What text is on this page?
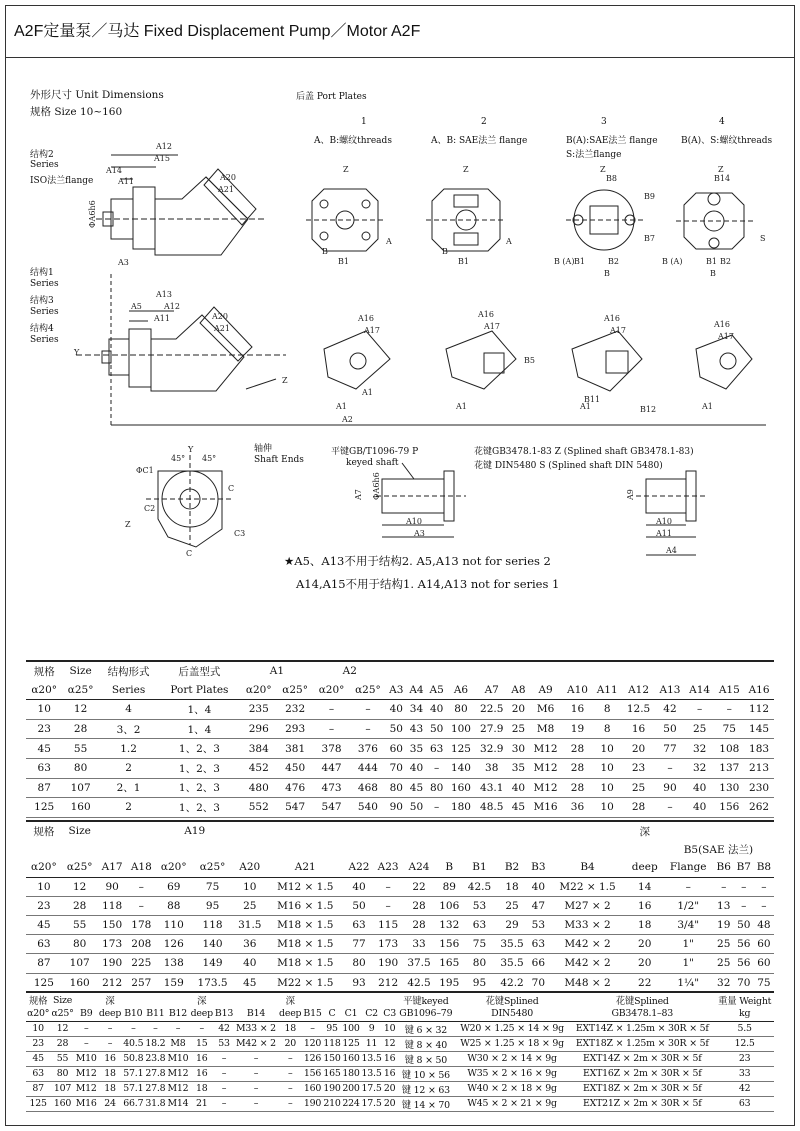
A2F定量泵／马达 Fixed Displacement Pump／Motor A2F
外形尺寸 Unit Dimensions
规格 Size 10~160
后盖 Port Plates
结构2
Series
ISO法兰flange
结构1
Series
结构3
Series
结构4
Series
1	2	3	4
A、B:螺纹threads	A、B: SAE法兰 flange	B(A):SAE法兰 flange
S:法兰flange
B(A)、S:螺纹threads
轴伸
Shaft Ends
平键GB/T1096-79 P
keyed shaft
花键GB3478.1-83 Z (Splined shaft GB3478.1-83)
花键 DIN5480 S (Splined shaft DIN 5480)
★A5、A13不用于结构2. A5,A13 not for series 2
A14,A15不用于结构1. A14,A13 not for series 1
A14
A11
A15
A12
A20
A21
ΦA6h6
A3
A5
A13
A12
A11	A20
A21
Y
Z
A2
A1
Z	Z	Z	Z
B1	B1	B1	B1
B	B
B (A)	B (A)
A	A	S
B2	B2
B	B
B8	B14
B9
B7
A16
A17
A16
A17
A16
A17
A16
A17
A1	A1	A1	A1
B5
B11
B12
Y
45° 45°
ΦC1
C2
C3
C
C
Z	A10
A3
A7 ΦA6h6
A10
A11
A4
A9
规格	Size	结构形式	后盖型式	A1		A2															
α20°	α25°	Series	Port Plates	α20°	α25°	α20°	α25°	A3	A4	A5	A6	A7	A8	A9	A10	A11	A12	A13	A14	A15	A16
10	12	4	1、4	235	232	–	–	40	34	40	80	22.5	20	M6	16	8	12.5	42	–	–	112
23	28	3、2	1、4	296	293	–	–	50	43	50	100	27.9	25	M8	19	8	16	50	25	75	145
45	55	1.2	1、2、3	384	381	378	376	60	35	63	125	32.9	30	M12	28	10	20	77	32	108	183
63	80	2	1、2、3	452	450	447	444	70	40	–	140	38	35	M12	28	10	23	–	32	137	213
87	107	2、1	1、2、3	480	476	473	468	80	45	80	160	43.1	40	M12	28	10	25	90	40	130	230
125	160	2	1、2、3	552	547	547	540	90	50	–	180	48.5	45	M16	36	10	28	–	40	156	262
规格	Size			A19												深				
																	B5(SAE 法兰)			
α20°	α25°	A17	A18	α20°	α25°	A20	A21	A22	A23	A24	B	B1	B2	B3	B4	deep	Flange	B6	B7	B8
10	12	90	–	69	75	10	M12 × 1.5	40	–	22	89	42.5	18	40	M22 × 1.5	14	–	–	–	–
23	28	118	–	88	95	25	M16 × 1.5	50	–	28	106	53	25	47	M27 × 2	16	1/2"	13	–	–
45	55	150	178	110	118	31.5	M18 × 1.5	63	115	28	132	63	29	53	M33 × 2	18	3/4"	19	50	48
63	80	173	208	126	140	36	M18 × 1.5	77	173	33	156	75	35.5	63	M42 × 2	20	1"	25	56	60
87	107	190	225	138	149	40	M18 × 1.5	80	190	37.5	165	80	35.5	66	M42 × 2	20	1"	25	56	60
125	160	212	257	159	173.5	45	M22 × 1.5	93	212	42.5	195	95	42.2	70	M48 × 2	22	1¼"	32	70	75
规格	Size		深				深			深						平键keyed	花键Splined	花键Splined	重量 Weight
α20°	α25°	B9	deep	B10	B11	B12	deep	B13	B14	deep	B15	C	C1	C2	C3	GB1096–79	DIN5480	GB3478.1–83	kg
10	12	–	–	–	–	–	–	42	M33 × 2	18	–	95	100	9	10	键 6 × 32	W20 × 1.25 × 14 × 9g	EXT14Z × 1.25m × 30R × 5f	5.5
23	28	–	–	40.5	18.2	M8	15	53	M42 × 2	20	120	118	125	11	12	键 8 × 40	W25 × 1.25 × 18 × 9g	EXT18Z × 1.25m × 30R × 5f	12.5
45	55	M10	16	50.8	23.8	M10	16	–	–	–	126	150	160	13.5	16	键 8 × 50	W30 × 2 × 14 × 9g	EXT14Z × 2m × 30R × 5f	23
63	80	M12	18	57.1	27.8	M12	16	–	–	–	156	165	180	13.5	16	键 10 × 56	W35 × 2 × 16 × 9g	EXT16Z × 2m × 30R × 5f	33
87	107	M12	18	57.1	27.8	M12	18	–	–	–	160	190	200	17.5	20	键 12 × 63	W40 × 2 × 18 × 9g	EXT18Z × 2m × 30R × 5f	42
125	160	M16	24	66.7	31.8	M14	21	–	–	–	190	210	224	17.5	20	键 14 × 70	W45 × 2 × 21 × 9g	EXT21Z × 2m × 30R × 5f	63
